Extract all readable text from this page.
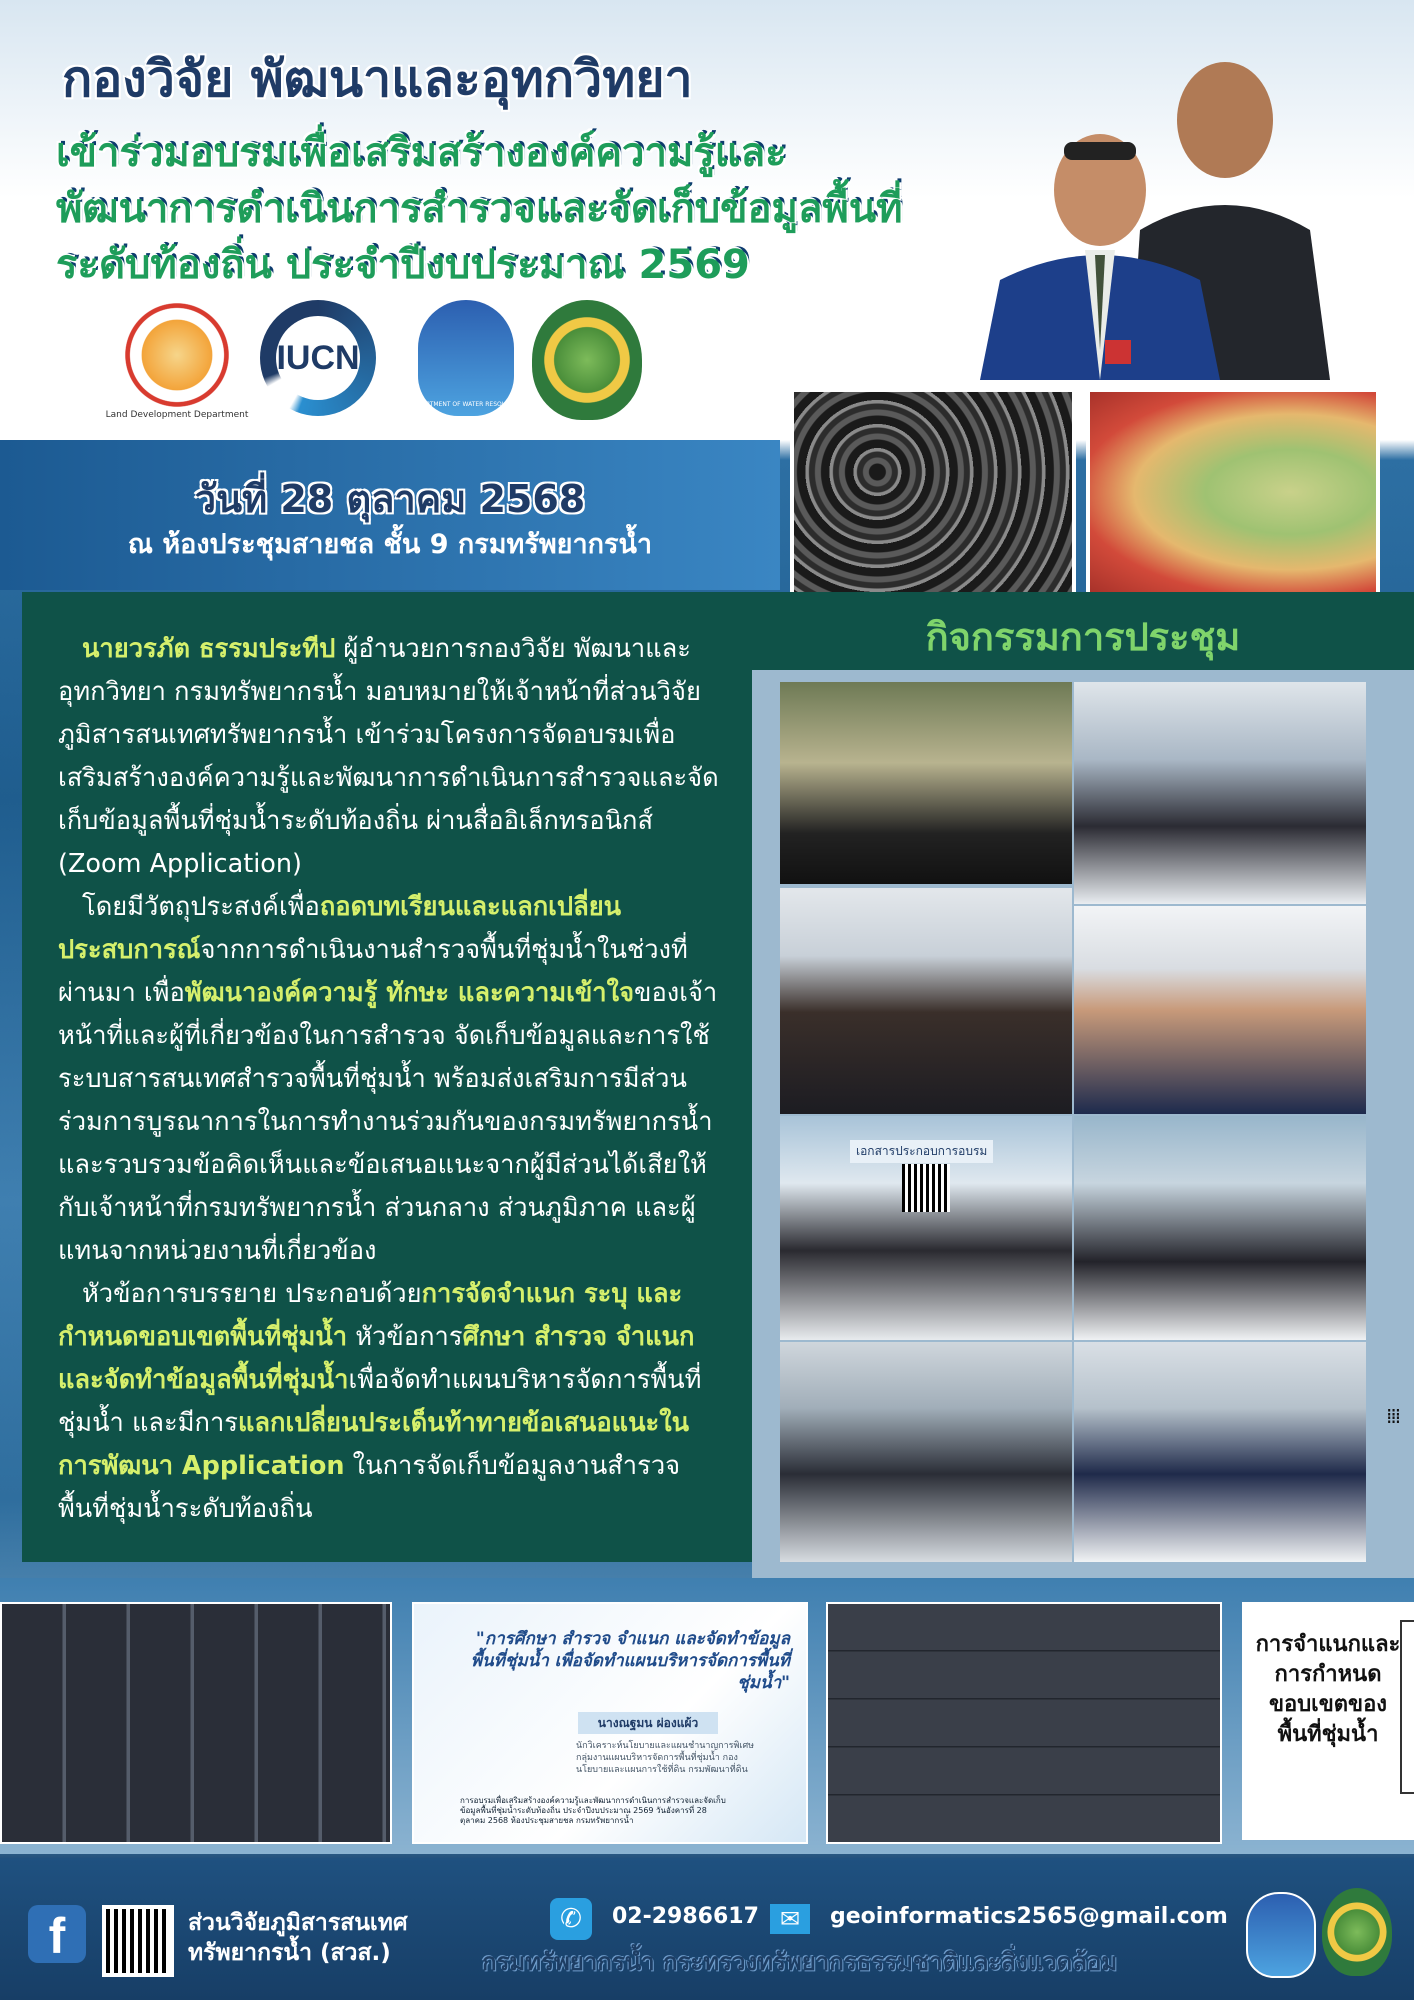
กองวิจัย พัฒนาและอุทกวิทยา
เข้าร่วมอบรมเพื่อเสริมสร้างองค์ความรู้และ
พัฒนาการดำเนินการสำรวจและจัดเก็บข้อมูลพื้นที่
ระดับท้องถิ่น ประจำปีงบประมาณ 2569
Land Development Department
IUCN
DEPARTMENT OF WATER RESOURCES
วันที่ 28 ตุลาคม 2568
ณ ห้องประชุมสายชล ชั้น 9 กรมทรัพยากรน้ำ

นายวรภัต ธรรมประทีป ผู้อำนวยการกองวิจัย พัฒนาและอุทกวิทยา กรมทรัพยากรน้ำ มอบหมายให้เจ้าหน้าที่ส่วนวิจัยภูมิสารสนเทศทรัพยากรน้ำ เข้าร่วมโครงการจัดอบรมเพื่อเสริมสร้างองค์ความรู้และพัฒนาการดำเนินการสำรวจและจัดเก็บข้อมูลพื้นที่ชุ่มน้ำระดับท้องถิ่น ผ่านสื่ออิเล็กทรอนิกส์ (Zoom Application)

โดยมีวัตถุประสงค์เพื่อถอดบทเรียนและแลกเปลี่ยนประสบการณ์จากการดำเนินงานสำรวจพื้นที่ชุ่มน้ำในช่วงที่ผ่านมา เพื่อพัฒนาองค์ความรู้ ทักษะ และความเข้าใจของเจ้าหน้าที่และผู้ที่เกี่ยวข้องในการสำรวจ จัดเก็บข้อมูลและการใช้ระบบสารสนเทศสำรวจพื้นที่ชุ่มน้ำ พร้อมส่งเสริมการมีส่วนร่วมการบูรณาการในการทำงานร่วมกันของกรมทรัพยากรน้ำ และรวบรวมข้อคิดเห็นและข้อเสนอแนะจากผู้มีส่วนได้เสียให้กับเจ้าหน้าที่กรมทรัพยากรน้ำ ส่วนกลาง ส่วนภูมิภาค และผู้แทนจากหน่วยงานที่เกี่ยวข้อง

หัวข้อการบรรยาย ประกอบด้วยการจัดจำแนก ระบุ และกำหนดขอบเขตพื้นที่ชุ่มน้ำ หัวข้อการศึกษา สำรวจ จำแนกและจัดทำข้อมูลพื้นที่ชุ่มน้ำเพื่อจัดทำแผนบริหารจัดการพื้นที่ชุ่มน้ำ และมีการแลกเปลี่ยนประเด็นท้าทายข้อเสนอแนะในการพัฒนา Application ในการจัดเก็บข้อมูลงานสำรวจพื้นที่ชุ่มน้ำระดับท้องถิ่น

กิจกรรมการประชุม
เอกสารประกอบการอบรม
⁞⁞⁞
"การศึกษา สำรวจ จำแนก และจัดทำข้อมูลพื้นที่ชุ่มน้ำ เพื่อจัดทำแผนบริหารจัดการพื้นที่ชุ่มน้ำ"
นางณฐมน ผ่องแผ้ว
นักวิเคราะห์นโยบายและแผนชำนาญการพิเศษ กลุ่มงานแผนบริหารจัดการพื้นที่ชุ่มน้ำ กองนโยบายและแผนการใช้ที่ดิน กรมพัฒนาที่ดิน
การอบรมเพื่อเสริมสร้างองค์ความรู้และพัฒนาการดำเนินการสำรวจและจัดเก็บข้อมูลพื้นที่ชุ่มน้ำระดับท้องถิ่น ประจำปีงบประมาณ 2569 วันอังคารที่ 28 ตุลาคม 2568 ห้องประชุมสายชล กรมทรัพยากรน้ำ
การจำแนกและการกำหนดขอบเขตของพื้นที่ชุ่มน้ำ
f	ส่วนวิจัยภูมิสารสนเทศ
ทรัพยากรน้ำ (สวส.)
✆	02-2986617 ✉	geoinformatics2565@gmail.com
กรมทรัพยากรน้ำ กระทรวงทรัพยากรธรรมชาติและสิ่งแวดล้อม
